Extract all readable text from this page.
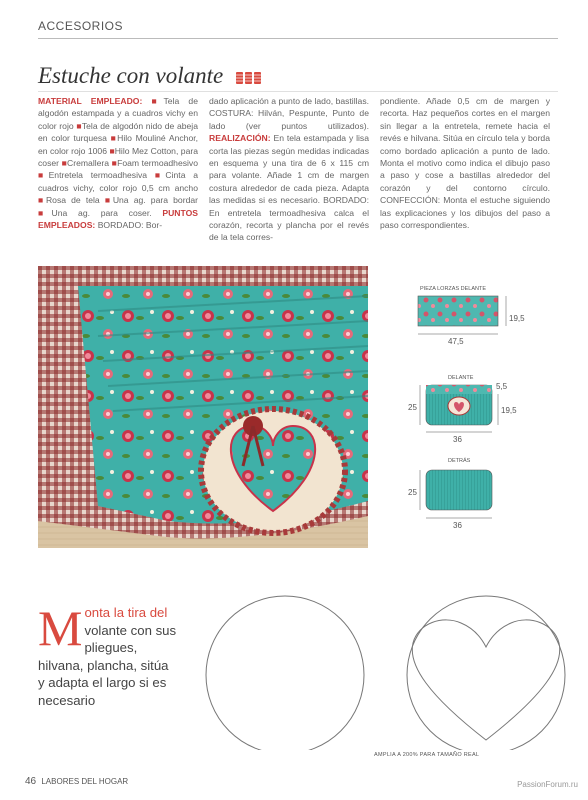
ACCESORIOS
Estuche con volante
MATERIAL EMPLEADO: ■Tela de algodón estampada y a cuadros vichy en color rojo ■Tela de algodón nido de abeja en color turquesa ■Hilo Mouliné Anchor, en color rojo 1006 ■Hilo Mez Cotton, para coser ■Cremallera ■Foam termoadhesivo ■Entretela termoadhesiva ■Cinta a cuadros vichy, color rojo 0,5 cm ancho ■Rosa de tela ■Una ag. para bordar ■Una ag. para coser. PUNTOS EMPLEADOS: BORDADO: Bor-
dado aplicación a punto de lado, bastillas. COSTURA: Hilván, Pespunte, Punto de lado (ver puntos utilizados). REALIZACIÓN: En tela estampada y lisa corta las piezas según medidas indicadas en esquema y una tira de 6 x 115 cm para volante. Añade 1 cm de margen costura alrededor de cada pieza. Adapta las medidas si es necesario. BORDADO: En entretela termoadhesiva calca el corazón, recorta y plancha por el revés de la tela corres-
pondiente. Añade 0,5 cm de margen y recorta. Haz pequeños cortes en el margen sin llegar a la entretela, remete hacia el revés e hilvana. Sitúa en círculo tela y borda como bordado aplicación a punto de lado. Monta el motivo como indica el dibujo paso a paso y cose a bastillas alrededor del corazón y del contorno círculo. CONFECCIÓN: Monta el estuche siguiendo las explicaciones y los dibujos del paso a paso correspondientes.
PIEZA LORZAS DELANTE
47,5
19,5
DELANTE
5,5
25	19,5
36
DETRÁS
25
36
M onta la tira del volante con sus pliegues, hilvana, plancha, sitúa y adapta el largo si es necesario
AMPLIA A 200% PARA TAMAÑO REAL
46 LABORES DEL HOGAR	PassionForum.ru
